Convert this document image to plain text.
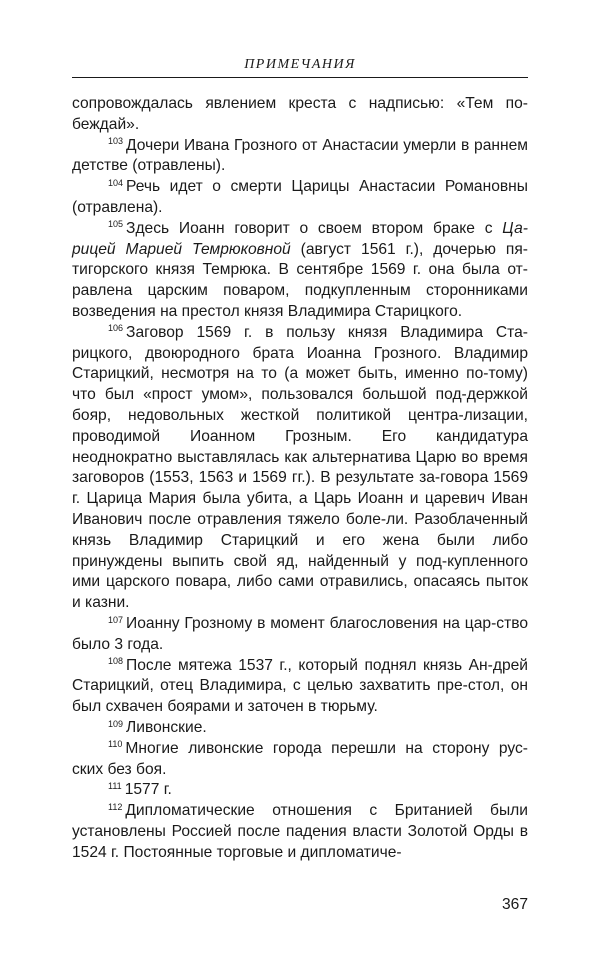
ПРИМЕЧАНИЯ

сопровождалась явлением креста с надписью: «Тем по-беждай».

$^{103}$ Дочери Ивана Грозного от Анастасии умерли в раннем детстве (отравлены).

$^{104}$ Речь идет о смерти Царицы Анастасии Романовны (отравлена).

$^{105}$ Здесь Иоанн говорит о своем втором браке с Ца-рицей Марией Темрюковной (август 1561 г.), дочерью пя-тигорского князя Темрюка. В сентябре 1569 г. она была от-равлена царским поваром, подкупленным сторонниками возведения на престол князя Владимира Старицкого.

$^{106}$ Заговор 1569 г. в пользу князя Владимира Ста-рицкого, двоюродного брата Иоанна Грозного. Владимир Старицкий, несмотря на то (а может быть, именно по-тому) что был «прост умом», пользовался большой под-держкой бояр, недовольных жесткой политикой центра-лизации, проводимой Иоанном Грозным. Его кандидатура неоднократно выставлялась как альтернатива Царю во время заговоров (1553, 1563 и 1569 гг.). В результате за-говора 1569 г. Царица Мария была убита, а Царь Иоанн и царевич Иван Иванович после отравления тяжело боле-ли. Разоблаченный князь Владимир Старицкий и его жена были либо принуждены выпить свой яд, найденный у под-купленного ими царского повара, либо сами отравились, опасаясь пыток и казни.

$^{107}$ Иоанну Грозному в момент благословения на цар-ство было 3 года.

$^{108}$ После мятежа 1537 г., который поднял князь Ан-дрей Старицкий, отец Владимира, с целью захватить пре-стол, он был схвачен боярами и заточен в тюрьму.

$^{109}$ Ливонские.

$^{110}$ Многие ливонские города перешли на сторону рус-ских без боя.

$^{111}$ 1577 г.

$^{112}$ Дипломатические отношения с Британией были установлены Россией после падения власти Золотой Орды в 1524 г. Постоянные торговые и дипломатиче-

367
